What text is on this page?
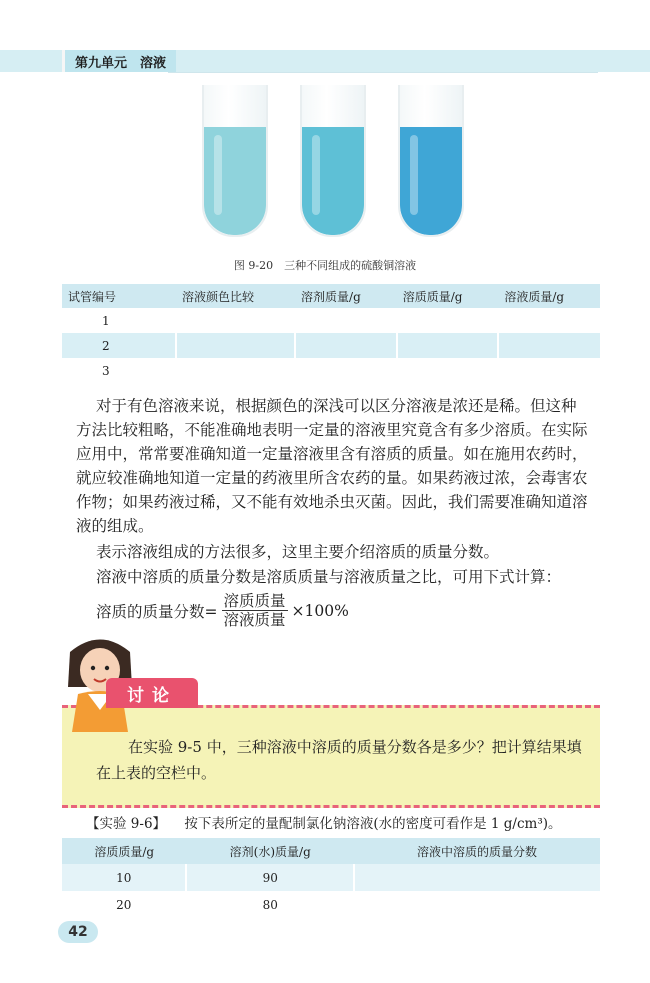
第九单元　溶液
图 9-20　三种不同组成的硫酸铜溶液
试管编号	溶液颜色比较	溶剂质量/g	溶质质量/g	溶液质量/g
1				
2				
3				
对于有色溶液来说，根据颜色的深浅可以区分溶液是浓还是稀。但这种
方法比较粗略，不能准确地表明一定量的溶液里究竟含有多少溶质。在实际
应用中，常常要准确知道一定量溶液里含有溶质的质量。如在施用农药时，
就应较准确地知道一定量的药液里所含农药的量。如果药液过浓，会毒害农
作物；如果药液过稀，又不能有效地杀虫灭菌。因此，我们需要准确知道溶
液的组成。
表示溶液组成的方法很多，这里主要介绍溶质的质量分数。
溶液中溶质的质量分数是溶质质量与溶液质量之比，可用下式计算：
溶质的质量分数= $\frac{\text{溶质质量}}{\text{溶液质量}} \times 100\%$
讨论
在实验 9-5 中，三种溶液中溶质的质量分数各是多少？把计算结果填在上表的空栏中。
【实验 9-6】 按下表所定的量配制氯化钠溶液(水的密度可看作是 1 g/cm³)。
溶质质量/g	溶剂(水)质量/g	溶液中溶质的质量分数
10	90	
20	80	
42
